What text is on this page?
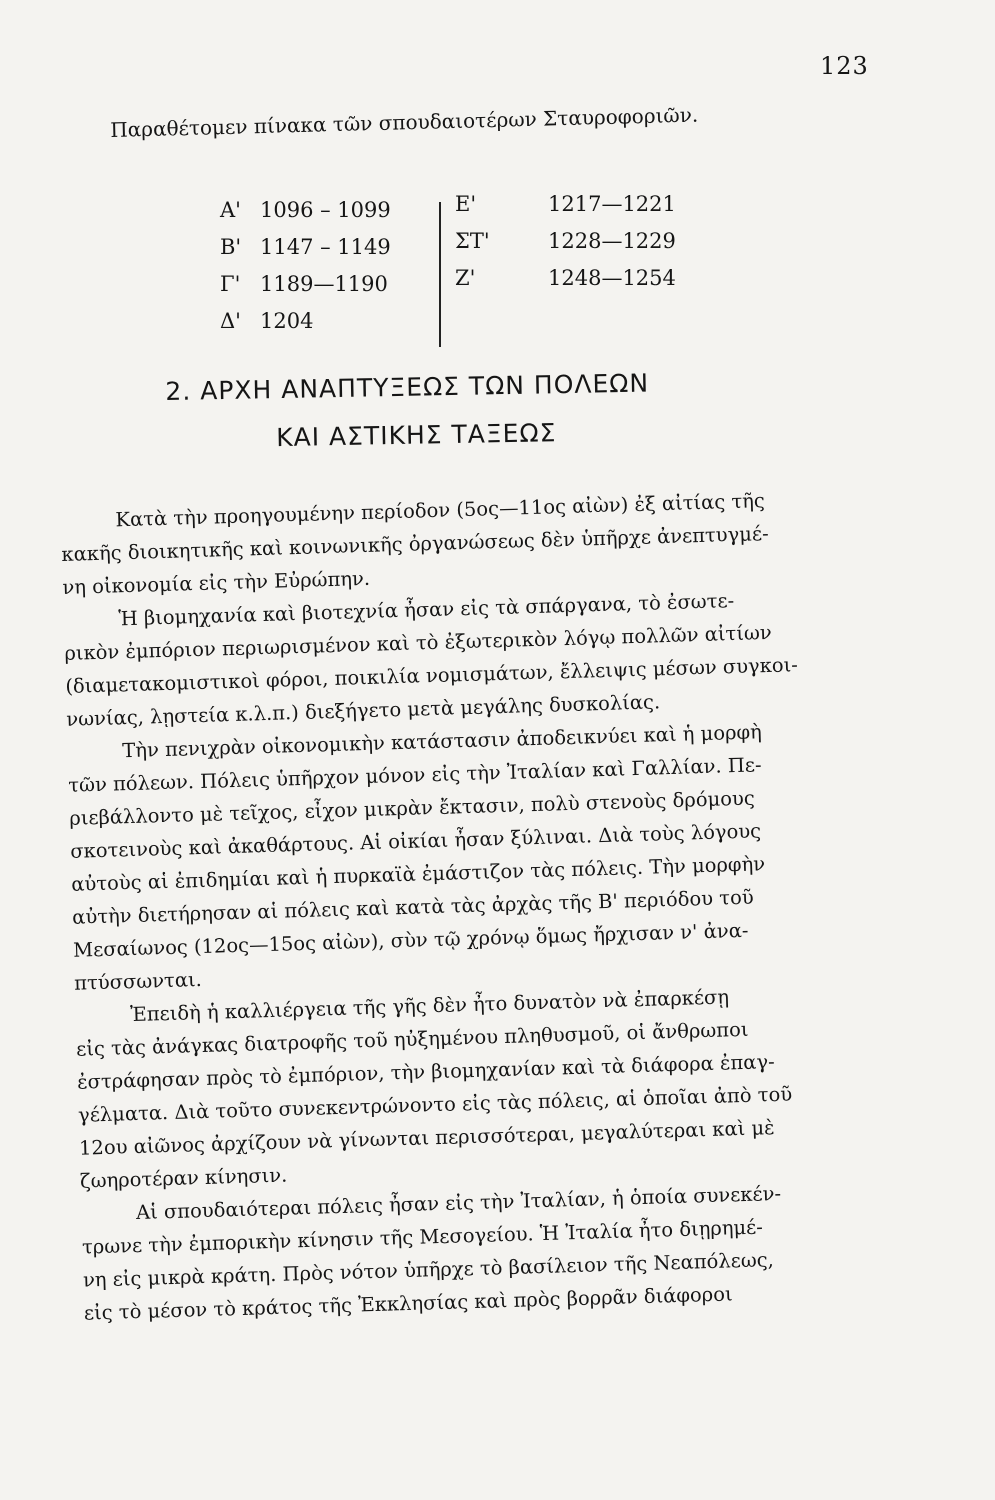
123
Παραθέτομεν πίνακα τῶν σπουδαιοτέρων Σταυροφοριῶν.
Α' 1096 – 1099
Β' 1147 – 1149
Γ' 1189—1190
Δ' 1204
Ε'	1217—1221
ΣΤ'	1228—1229
Ζ'	1248—1254
2. ΑΡΧΗ ΑΝΑΠΤΥΞΕΩΣ ΤΩΝ ΠΟΛΕΩΝ
ΚΑΙ ΑΣΤΙΚΗΣ ΤΑΞΕΩΣ
Κατὰ τὴν προηγουμένην περίοδον (5ος—11ος αἰὼν) ἐξ αἰτίας τῆς
κακῆς διοικητικῆς καὶ κοινωνικῆς ὀργανώσεως δὲν ὑπῆρχε ἀνεπτυγμέ-
νη οἰκονομία εἰς τὴν Εὐρώπην.
Ἡ βιομηχανία καὶ βιοτεχνία ἦσαν εἰς τὰ σπάργανα, τὸ ἐσωτε-
ρικὸν ἐμπόριον περιωρισμένον καὶ τὸ ἐξωτερικὸν λόγῳ πολλῶν αἰτίων
(διαμετακομιστικοὶ φόροι, ποικιλία νομισμάτων, ἔλλειψις μέσων συγκοι-
νωνίας, λῃστεία κ.λ.π.) διεξήγετο μετὰ μεγάλης δυσκολίας.
Τὴν πενιχρὰν οἰκονομικὴν κατάστασιν ἀποδεικνύει καὶ ἡ μορφὴ
τῶν πόλεων. Πόλεις ὑπῆρχον μόνον εἰς τὴν Ἰταλίαν καὶ Γαλλίαν. Πε-
ριεβάλλοντο μὲ τεῖχος, εἶχον μικρὰν ἔκτασιν, πολὺ στενοὺς δρόμους
σκοτεινοὺς καὶ ἀκαθάρτους. Αἱ οἰκίαι ἦσαν ξύλιναι. Διὰ τοὺς λόγους
αὐτοὺς αἱ ἐπιδημίαι καὶ ἡ πυρκαϊὰ ἐμάστιζον τὰς πόλεις. Τὴν μορφὴν
αὐτὴν διετήρησαν αἱ πόλεις καὶ κατὰ τὰς ἀρχὰς τῆς Β' περιόδου τοῦ
Μεσαίωνος (12ος—15ος αἰὼν), σὺν τῷ χρόνῳ ὅμως ἤρχισαν ν' ἀνα-
πτύσσωνται.
Ἐπειδὴ ἡ καλλιέργεια τῆς γῆς δὲν ἦτο δυνατὸν νὰ ἐπαρκέσῃ
εἰς τὰς ἀνάγκας διατροφῆς τοῦ ηὐξημένου πληθυσμοῦ, οἱ ἄνθρωποι
ἐστράφησαν πρὸς τὸ ἐμπόριον, τὴν βιομηχανίαν καὶ τὰ διάφορα ἐπαγ-
γέλματα. Διὰ τοῦτο συνεκεντρώνοντο εἰς τὰς πόλεις, αἱ ὁποῖαι ἀπὸ τοῦ
12ου αἰῶνος ἀρχίζουν νὰ γίνωνται περισσότεραι, μεγαλύτεραι καὶ μὲ
ζωηροτέραν κίνησιν.
Αἱ σπουδαιότεραι πόλεις ἦσαν εἰς τὴν Ἰταλίαν, ἡ ὁποία συνεκέν-
τρωνε τὴν ἐμπορικὴν κίνησιν τῆς Μεσογείου. Ἡ Ἰταλία ἦτο διῃρημέ-
νη εἰς μικρὰ κράτη. Πρὸς νότον ὑπῆρχε τὸ βασίλειον τῆς Νεαπόλεως,
εἰς τὸ μέσον τὸ κράτος τῆς Ἐκκλησίας καὶ πρὸς βορρᾶν διάφοροι
